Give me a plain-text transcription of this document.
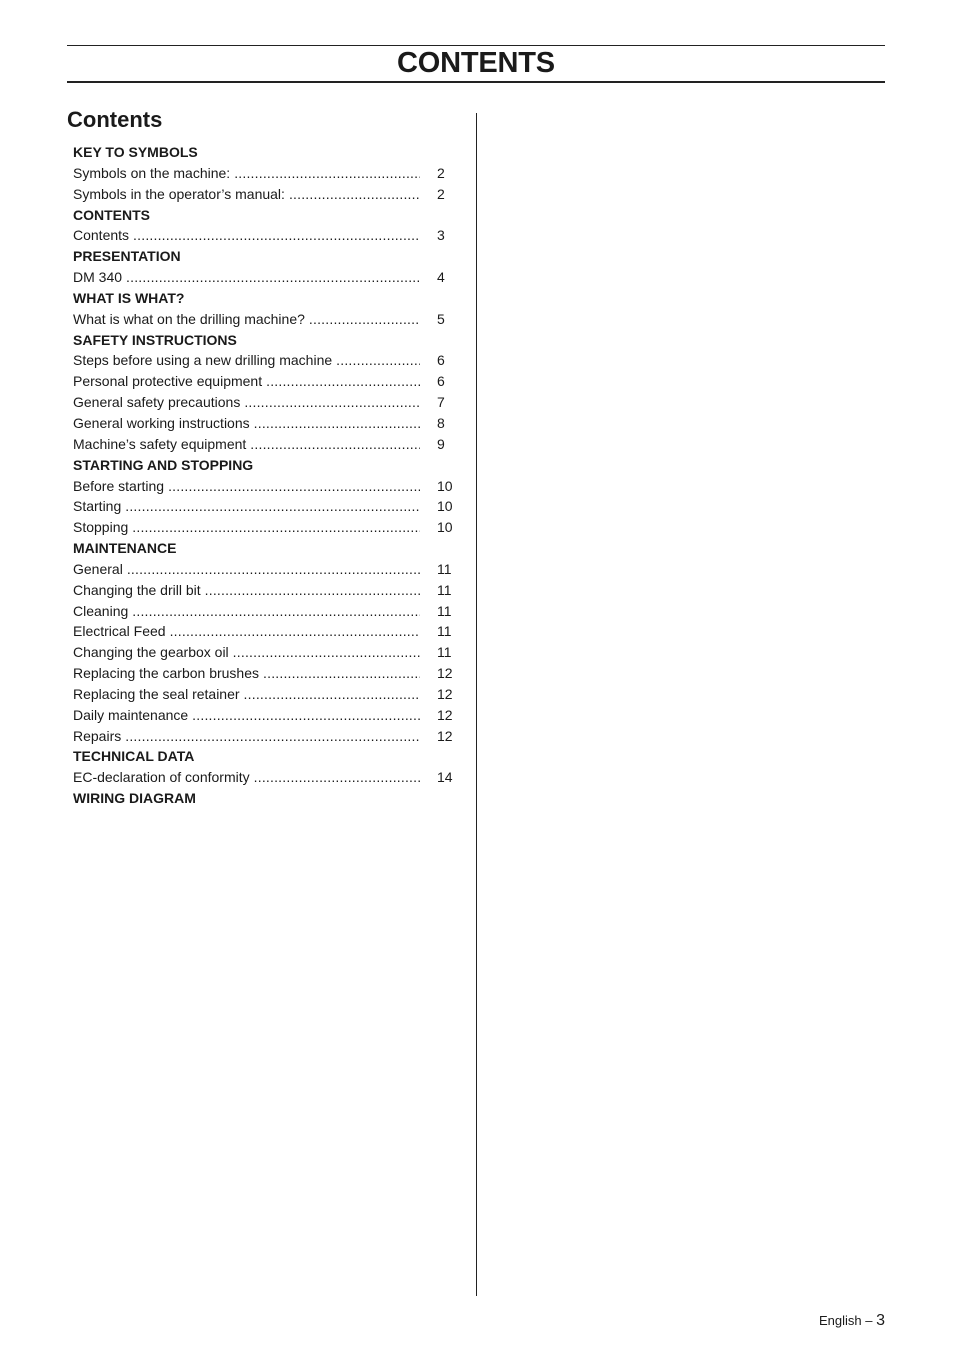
CONTENTS
Contents
KEY TO SYMBOLS
Symbols on the machine: .....	2
Symbols in the operator’s manual: .....	2
CONTENTS
Contents .....	3
PRESENTATION
DM 340 .....	4
WHAT IS WHAT?
What is what on the drilling machine? .....	5
SAFETY INSTRUCTIONS
Steps before using a new drilling machine .....	6
Personal protective equipment .....	6
General safety precautions .....	7
General working instructions .....	8
Machine’s safety equipment .....	9
STARTING AND STOPPING
Before starting .....	10
Starting .....	10
Stopping .....	10
MAINTENANCE
General .....	11
Changing the drill bit .....	11
Cleaning .....	11
Electrical Feed .....	11
Changing the gearbox oil .....	11
Replacing the carbon brushes .....	12
Replacing the seal retainer .....	12
Daily maintenance .....	12
Repairs .....	12
TECHNICAL DATA
EC-declaration of conformity .....	14
WIRING DIAGRAM
English – 3
